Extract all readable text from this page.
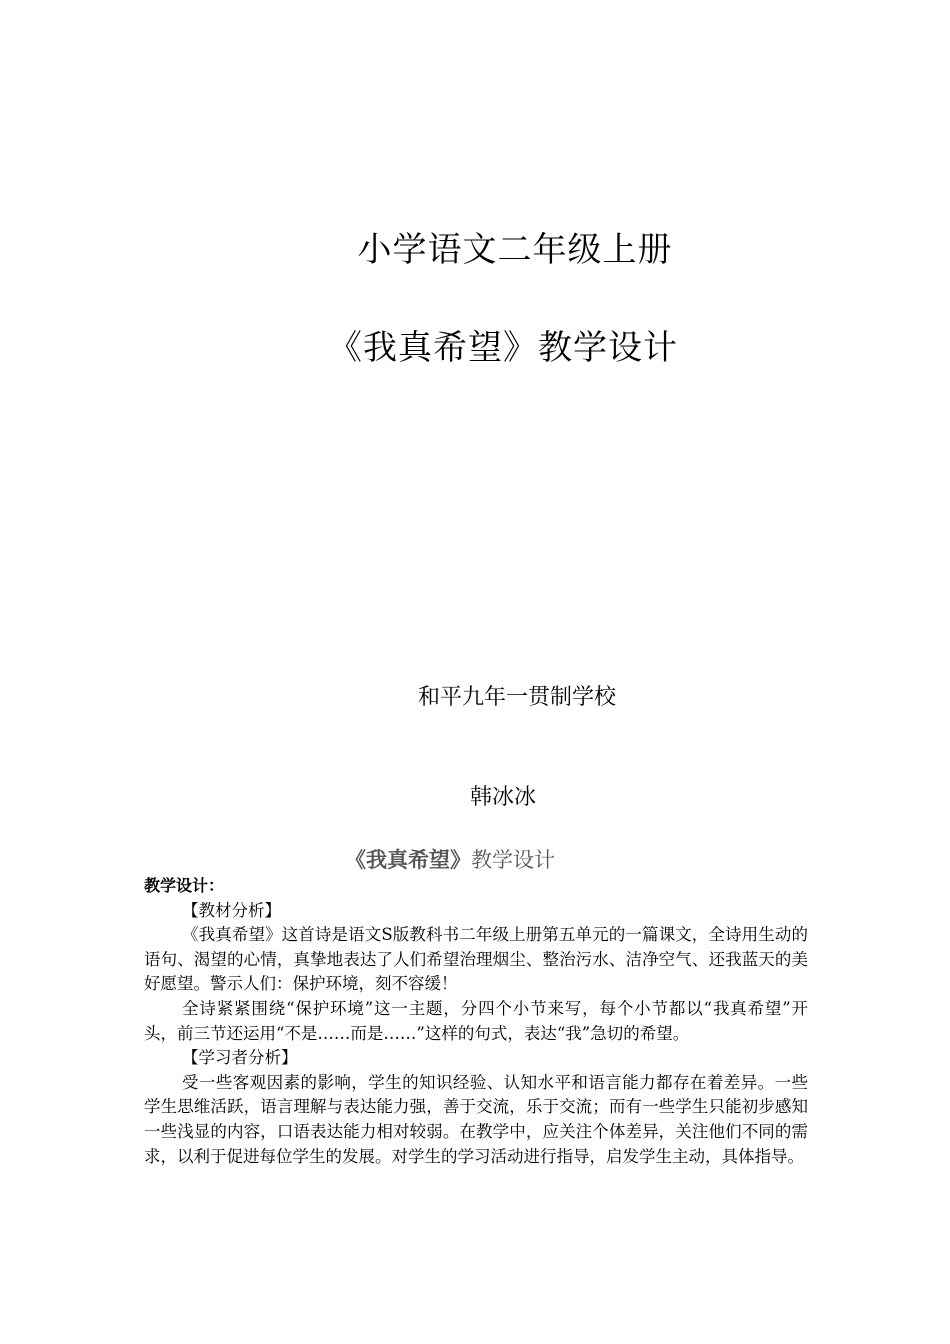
小学语文二年级上册
《我真希望》教学设计
和平九年一贯制学校
韩冰冰
《我真希望》教学设计
教学设计：
【教材分析】

《我真希望》这首诗是语文S版教科书二年级上册第五单元的一篇课文，全诗用生动的语句、渴望的心情，真挚地表达了人们希望治理烟尘、整治污水、洁净空气、还我蓝天的美好愿望。警示人们：保护环境，刻不容缓！

全诗紧紧围绕“保护环境”这一主题，分四个小节来写，每个小节都以“我真希望”开头，前三节还运用“不是……而是……”这样的句式，表达“我”急切的希望。

【学习者分析】

受一些客观因素的影响，学生的知识经验、认知水平和语言能力都存在着差异。一些学生思维活跃，语言理解与表达能力强，善于交流，乐于交流；而有一些学生只能初步感知一些浅显的内容，口语表达能力相对较弱。在教学中，应关注个体差异，关注他们不同的需求，以利于促进每位学生的发展。对学生的学习活动进行指导，启发学生主动，具体指导。
